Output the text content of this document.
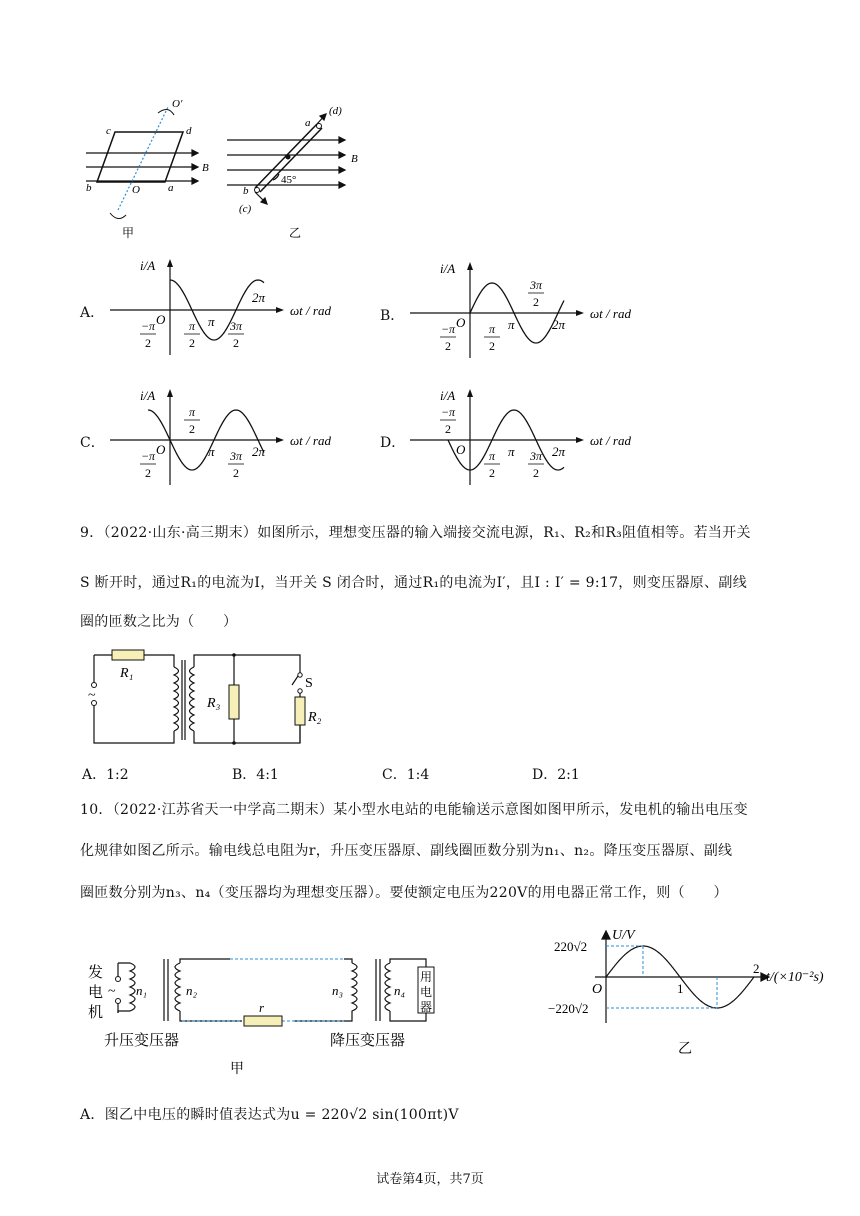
O′
c	d
b	a
O
B
甲
a
(d)
b
(c)
B
45°
乙
i/A
O
ωt / rad
−π
2
π
2
π 3π
2
2π
A．
i/A
O
ωt / rad
−π
2
π
2
π
3π
2
2π
B．
i/A
O
ωt / rad
−π
2
π
2
π 3π
2
2π
C．
i/A
O
ωt / rad
−π
2
π
2
π 3π
2
2π
D．
9．（2022·山东·高三期末）如图所示，理想变压器的输入端接交流电源，R₁、R₂和R₃阻值相等。若当开关
S 断开时，通过R₁的电流为I，当开关 S 闭合时，通过R₁的电流为I′，且I : I′ = 9:17，则变压器原、副线
圈的匝数之比为（　　）
R₁
R₃
R₂
S
~
A．1:2	B．4:1	C．1:4	D．2:1
10．（2022·江苏省天一中学高二期末）某小型水电站的电能输送示意图如图甲所示，发电机的输出电压变
化规律如图乙所示。输电线总电阻为r，升压变压器原、副线圈匝数分别为n₁、n₂。降压变压器原、副线
圈匝数分别为n₃、n₄（变压器均为理想变压器）。要使额定电压为220V的用电器正常工作，则（　　）
发
电
机
~ n₁	n₂	n₃	n₄
r
用
电
器
升压变压器	降压变压器
甲
U/V
220√2
−220√2
O	1
2
t/(×10⁻²s)
乙
A．图乙中电压的瞬时值表达式为u = 220√2 sin(100πt)V
试卷第4页，共7页
